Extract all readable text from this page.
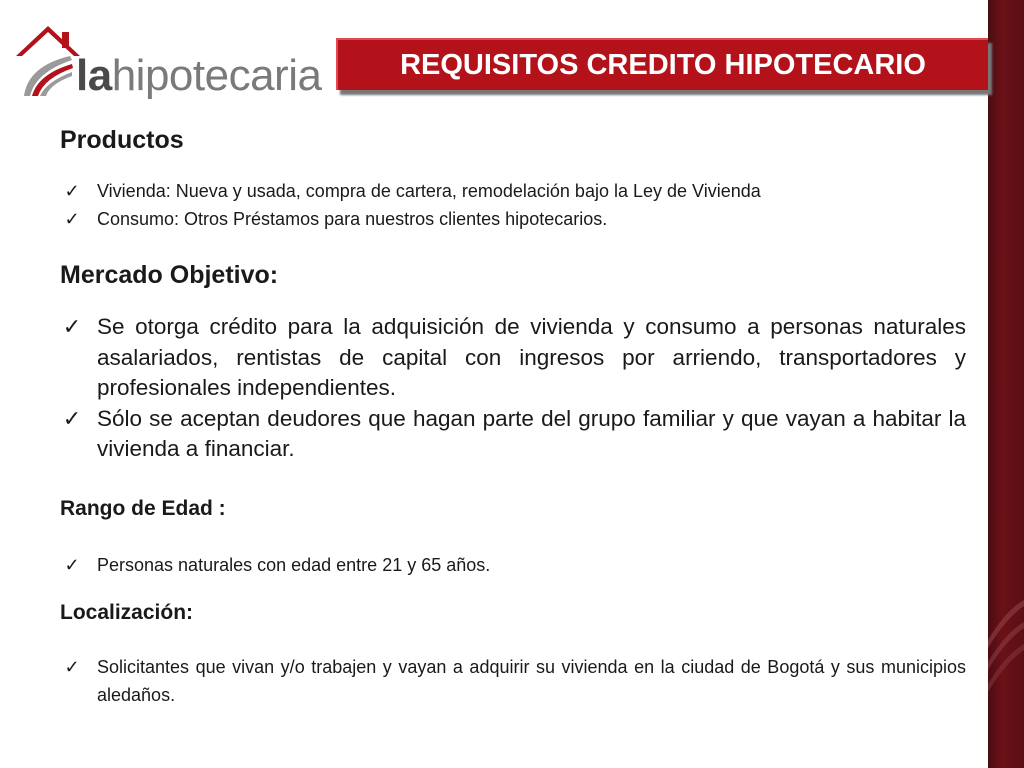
lahipotecaria	REQUISITOS CREDITO HIPOTECARIO

Productos

✓ Vivienda: Nueva y usada, compra de cartera, remodelación bajo la Ley de Vivienda
✓ Consumo: Otros Préstamos para nuestros clientes hipotecarios.

Mercado Objetivo:

✓ Se otorga crédito para la adquisición de vivienda y consumo a personas naturales asalariados, rentistas de capital con ingresos por arriendo, transportadores y profesionales independientes.
✓ Sólo se aceptan deudores que hagan parte del grupo familiar y que vayan a habitar la vivienda a financiar.

Rango de Edad :

✓ Personas naturales con edad entre 21 y 65 años.

Localización:

✓ Solicitantes que vivan y/o trabajen y vayan a adquirir su vivienda en la ciudad de Bogotá y sus municipios aledaños.
